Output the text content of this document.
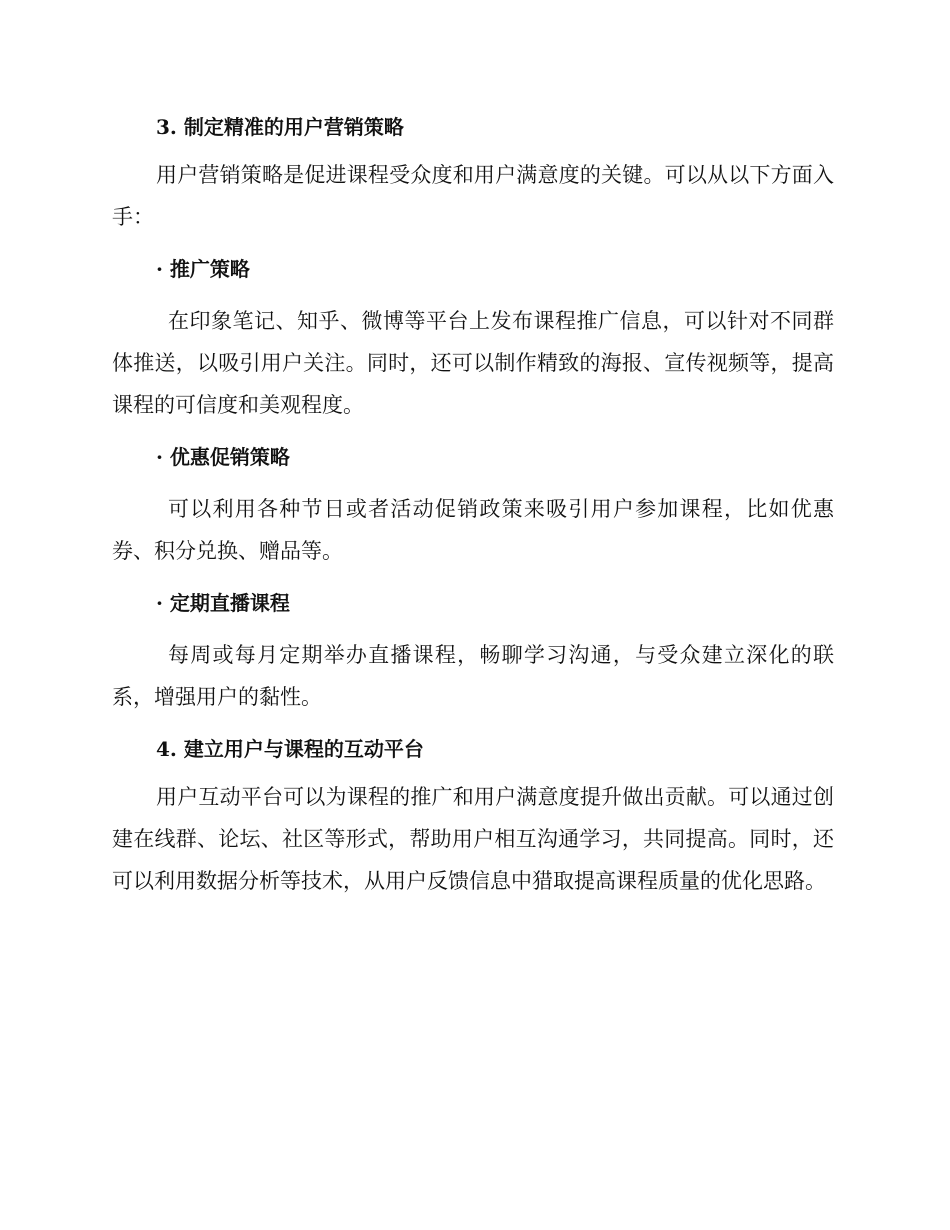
3. 制定精准的用户营销策略

用户营销策略是促进课程受众度和用户满意度的关键。可以从以下方面入手：

· 推广策略

在印象笔记、知乎、微博等平台上发布课程推广信息，可以针对不同群体推送，以吸引用户关注。同时，还可以制作精致的海报、宣传视频等，提高课程的可信度和美观程度。

· 优惠促销策略

可以利用各种节日或者活动促销政策来吸引用户参加课程，比如优惠券、积分兑换、赠品等。

· 定期直播课程

每周或每月定期举办直播课程，畅聊学习沟通，与受众建立深化的联系，增强用户的黏性。

4. 建立用户与课程的互动平台

用户互动平台可以为课程的推广和用户满意度提升做出贡献。可以通过创建在线群、论坛、社区等形式，帮助用户相互沟通学习，共同提高。同时，还可以利用数据分析等技术，从用户反馈信息中猎取提高课程质量的优化思路。
